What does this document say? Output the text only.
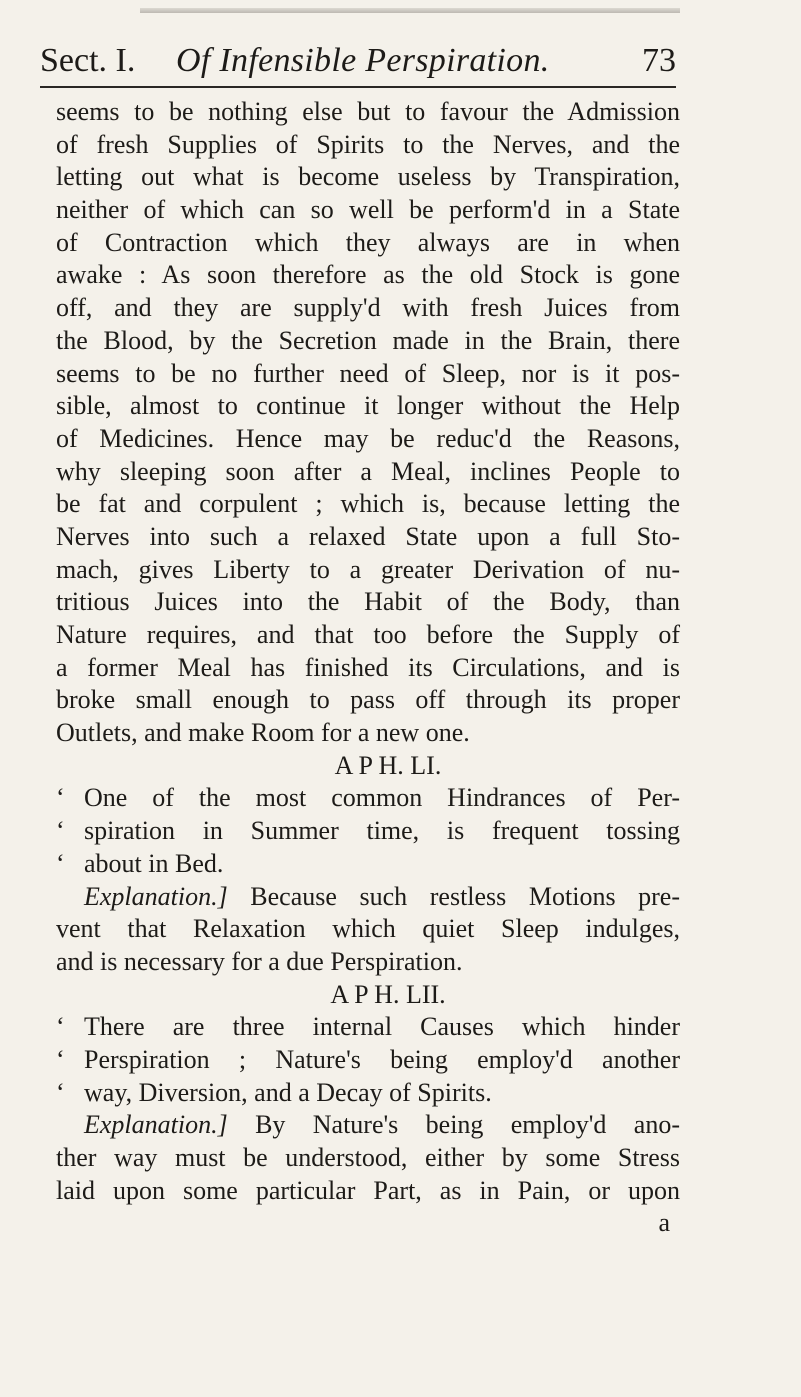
Sect. I. Of Infensible Perspiration.	73
seems to be nothing else but to favour the Admission
of fresh Supplies of Spirits to the Nerves, and the
letting out what is become useless by Transpiration,
neither of which can so well be perform'd in a State
of Contraction which they always are in when
awake : As soon therefore as the old Stock is gone
off, and they are supply'd with fresh Juices from
the Blood, by the Secretion made in the Brain, there
seems to be no further need of Sleep, nor is it pos-
sible, almost to continue it longer without the Help
of Medicines. Hence may be reduc'd the Reasons,
why sleeping soon after a Meal, inclines People to
be fat and corpulent ; which is, because letting the
Nerves into such a relaxed State upon a full Sto-
mach, gives Liberty to a greater Derivation of nu-
tritious Juices into the Habit of the Body, than
Nature requires, and that too before the Supply of
a former Meal has finished its Circulations, and is
broke small enough to pass off through its proper
Outlets, and make Room for a new one.
A P H. LI.
‘ One of the most common Hindrances of Per-
‘ spiration in Summer time, is frequent tossing
‘ about in Bed.
Explanation.] Because such restless Motions pre-
vent that Relaxation which quiet Sleep indulges,
and is necessary for a due Perspiration.
A P H. LII.
‘ There are three internal Causes which hinder
‘ Perspiration ; Nature's being employ'd another
‘ way, Diversion, and a Decay of Spirits.
Explanation.] By Nature's being employ'd ano-
ther way must be understood, either by some Stress
laid upon some particular Part, as in Pain, or upon
a
